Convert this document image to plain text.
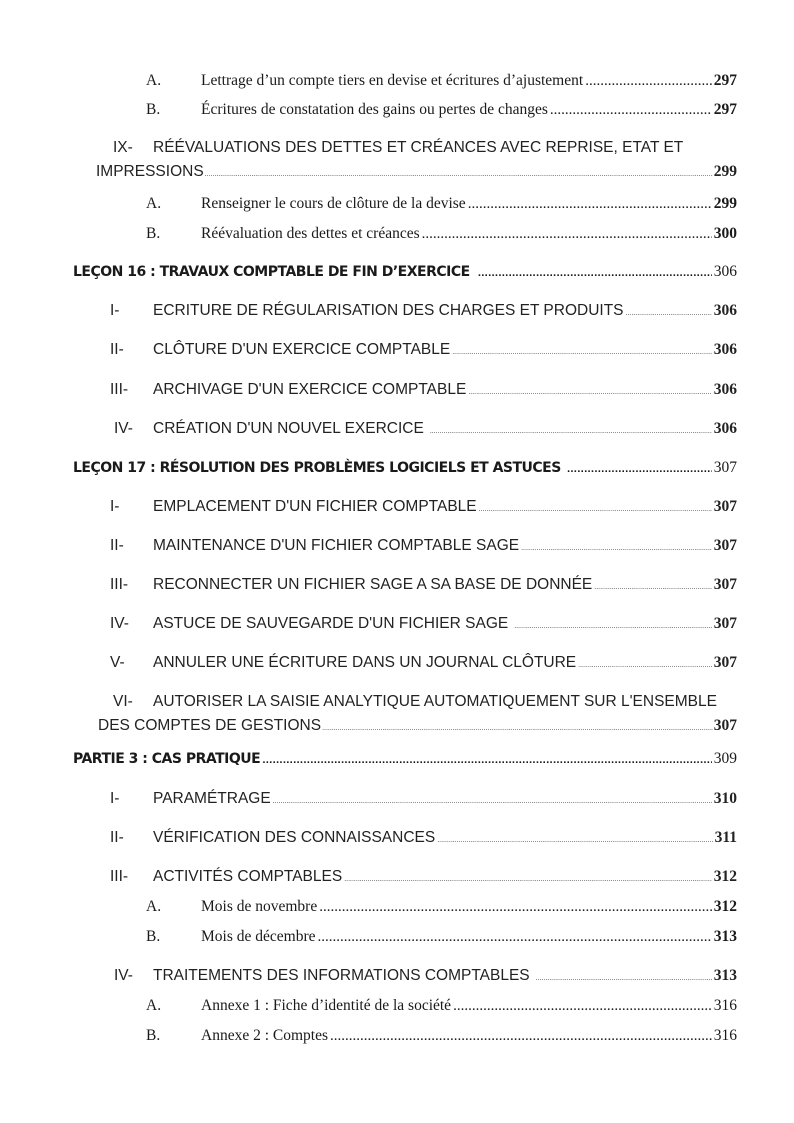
A.	Lettrage d’un compte tiers en devise et écritures d’ajustement .....	297
B.	Écritures de constatation des gains ou pertes de changes .....	297
IX- RÉÉVALUATIONS DES DETTES ET CRÉANCES AVEC REPRISE, ETAT ET
IMPRESSIONS .....	299
A.	Renseigner le cours de clôture de la devise .....	299
B.	Réévaluation des dettes et créances .....	300
LEÇON 16 : TRAVAUX COMPTABLE DE FIN D’EXERCICE .....	306
I- ECRITURE DE RÉGULARISATION DES CHARGES ET PRODUITS .....	306
II- CLÔTURE D'UN EXERCICE COMPTABLE .....	306
III- ARCHIVAGE D'UN EXERCICE COMPTABLE .....	306
IV- CRÉATION D'UN NOUVEL EXERCICE .....	306
LEÇON 17 : RÉSOLUTION DES PROBLÈMES LOGICIELS ET ASTUCES .....	307
I- EMPLACEMENT D'UN FICHIER COMPTABLE .....	307
II- MAINTENANCE D'UN FICHIER COMPTABLE SAGE .....	307
III- RECONNECTER UN FICHIER SAGE A SA BASE DE DONNÉE .....	307
IV- ASTUCE DE SAUVEGARDE D'UN FICHIER SAGE .....	307
V- ANNULER UNE ÉCRITURE DANS UN JOURNAL CLÔTURE .....	307
VI- AUTORISER LA SAISIE ANALYTIQUE AUTOMATIQUEMENT SUR L'ENSEMBLE
DES COMPTES DE GESTIONS .....	307
PARTIE 3 : CAS PRATIQUE .....	309
I- PARAMÉTRAGE .....	310
II- VÉRIFICATION DES CONNAISSANCES .....	311
III- ACTIVITÉS COMPTABLES .....	312
A.	Mois de novembre .....	312
B.	Mois de décembre .....	313
IV- TRAITEMENTS DES INFORMATIONS COMPTABLES .....	313
A.	Annexe 1 : Fiche d’identité de la société .....	316
B.	Annexe 2 : Comptes .....	316
